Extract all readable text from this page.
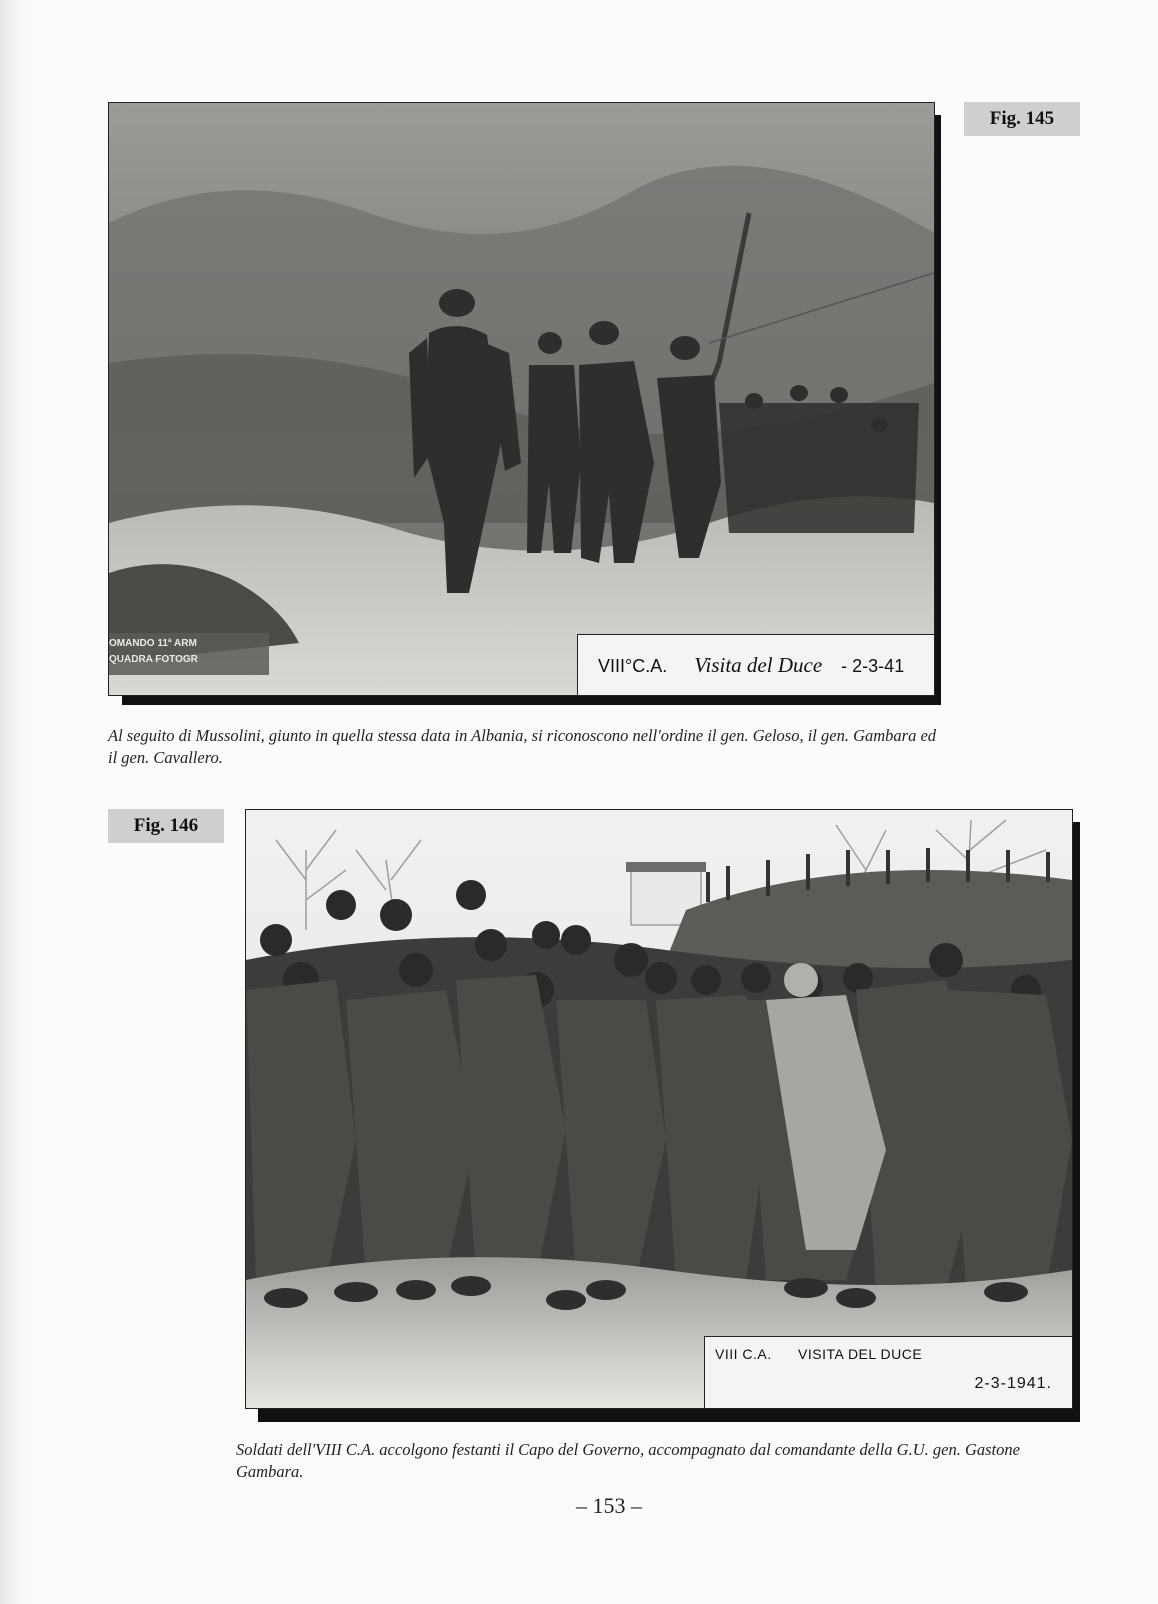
OMANDO 11ª ARM
QUADRA FOTOGR	VIII°C.A. Visita del Duce - 2-3-41
Fig. 145
Al seguito di Mussolini, giunto in quella stessa data in Albania, si riconoscono nell'ordine il gen. Geloso, il gen. Gambara ed il gen. Cavallero.
Fig. 146
VIII C.A. VISITA DEL DUCE
2-3-1941.
Soldati dell'VIII C.A. accolgono festanti il Capo del Governo, accompagnato dal comandante della G.U. gen. Gastone Gambara.
– 153 –
